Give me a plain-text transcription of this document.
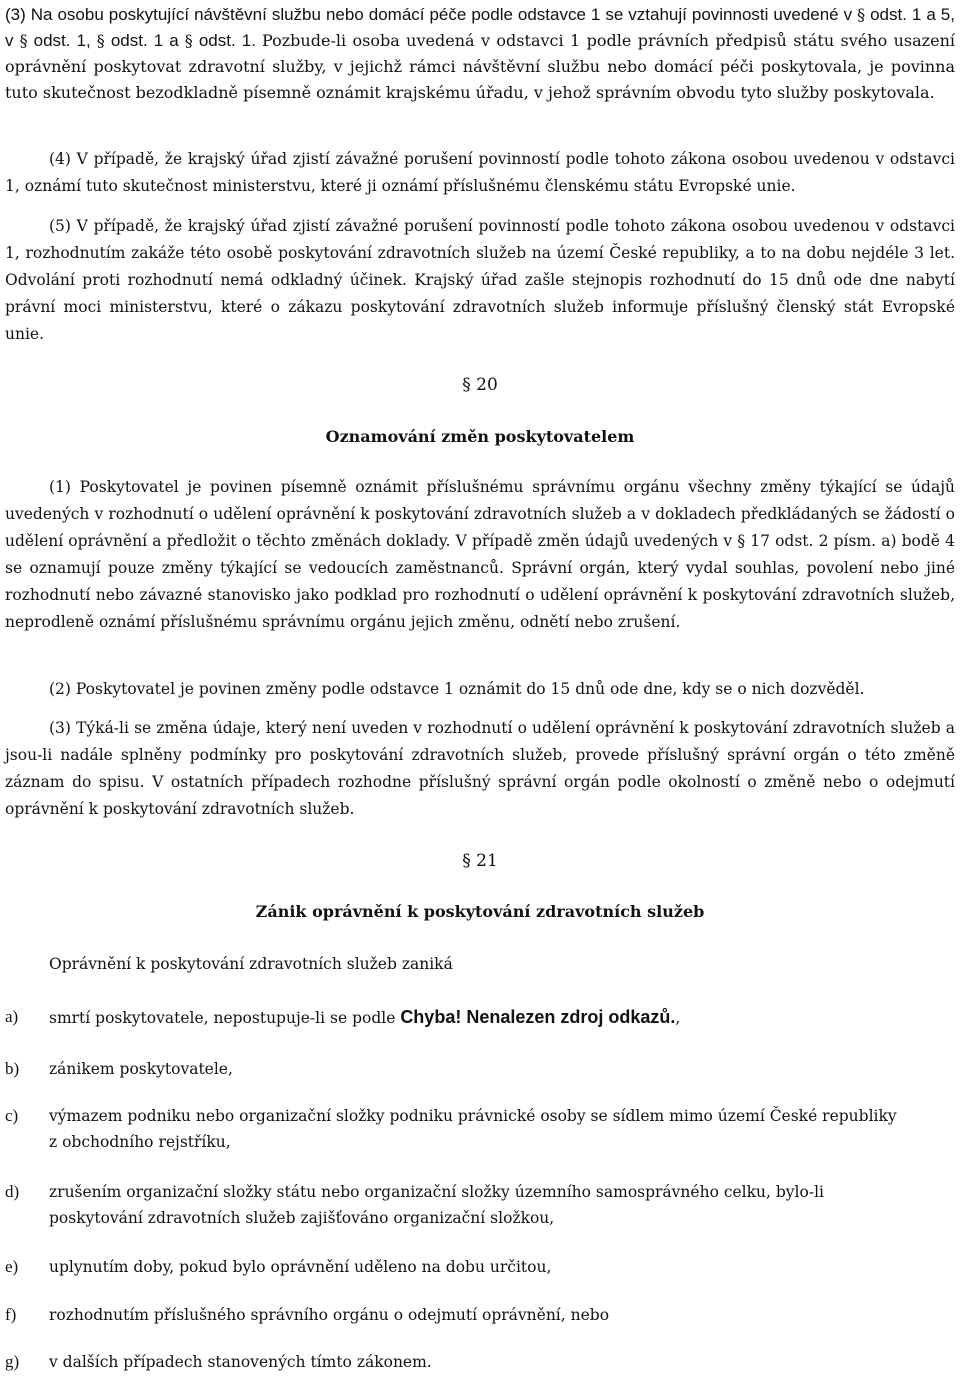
(3) Na osobu poskytující návštěvní službu nebo domácí péče podle odstavce 1 se vztahují povinnosti uvedené v § odst. 1 a 5, v § odst. 1, § odst. 1 a § odst. 1. Pozbude-li osoba uvedená v odstavci 1 podle právních předpisů státu svého usazení oprávnění poskytovat zdravotní služby, v jejichž rámci návštěvní službu nebo domácí péči poskytovala, je povinna tuto skutečnost bezodkladně písemně oznámit krajskému úřadu, v jehož správním obvodu tyto služby poskytovala.

(4) V případě, že krajský úřad zjistí závažné porušení povinností podle tohoto zákona osobou uvedenou v odstavci 1, oznámí tuto skutečnost ministerstvu, které ji oznámí příslušnému členskému státu Evropské unie.

(5) V případě, že krajský úřad zjistí závažné porušení povinností podle tohoto zákona osobou uvedenou v odstavci 1, rozhodnutím zakáže této osobě poskytování zdravotních služeb na území České republiky, a to na dobu nejdéle 3 let. Odvolání proti rozhodnutí nemá odkladný účinek. Krajský úřad zašle stejnopis rozhodnutí do 15 dnů ode dne nabytí právní moci ministerstvu, které o zákazu poskytování zdravotních služeb informuje příslušný členský stát Evropské unie.

§ 20
Oznamování změn poskytovatelem

(1) Poskytovatel je povinen písemně oznámit příslušnému správnímu orgánu všechny změny týkající se údajů uvedených v rozhodnutí o udělení oprávnění k poskytování zdravotních služeb a v dokladech předkládaných se žádostí o udělení oprávnění a předložit o těchto změnách doklady. V případě změn údajů uvedených v § 17 odst. 2 písm. a) bodě 4 se oznamují pouze změny týkající se vedoucích zaměstnanců. Správní orgán, který vydal souhlas, povolení nebo jiné rozhodnutí nebo závazné stanovisko jako podklad pro rozhodnutí o udělení oprávnění k poskytování zdravotních služeb, neprodleně oznámí příslušnému správnímu orgánu jejich změnu, odnětí nebo zrušení.

(2) Poskytovatel je povinen změny podle odstavce 1 oznámit do 15 dnů ode dne, kdy se o nich dozvěděl.

(3) Týká-li se změna údaje, který není uveden v rozhodnutí o udělení oprávnění k poskytování zdravotních služeb a jsou-li nadále splněny podmínky pro poskytování zdravotních služeb, provede příslušný správní orgán o této změně záznam do spisu. V ostatních případech rozhodne příslušný správní orgán podle okolností o změně nebo o odejmutí oprávnění k poskytování zdravotních služeb.

§ 21
Zánik oprávnění k poskytování zdravotních služeb
Oprávnění k poskytování zdravotních služeb zaniká
a) smrtí poskytovatele, nepostupuje-li se podle Chyba! Nenalezen zdroj odkazů.,
b) zánikem poskytovatele,
c) výmazem podniku nebo organizační složky podniku právnické osoby se sídlem mimo území České republiky z obchodního rejstříku,
d) zrušením organizační složky státu nebo organizační složky územního samosprávného celku, bylo-li poskytování zdravotních služeb zajišťováno organizační složkou,
e) uplynutím doby, pokud bylo oprávnění uděleno na dobu určitou,
f) rozhodnutím příslušného správního orgánu o odejmutí oprávnění, nebo
g) v dalších případech stanovených tímto zákonem.
